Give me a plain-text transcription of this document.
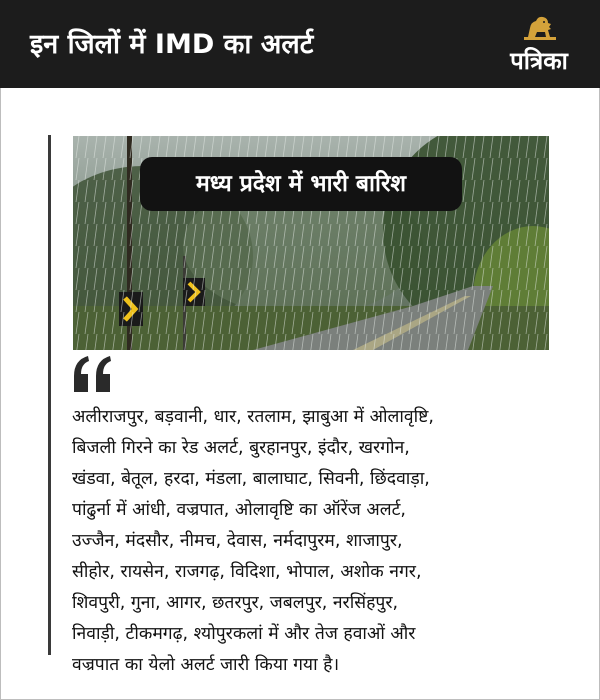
इन जिलों में IMD का अलर्ट
पत्रिका
मध्य प्रदेश में भारी बारिश
अलीराजपुर, बड़वानी, धार, रतलाम, झाबुआ में ओलावृष्टि,
बिजली गिरने का रेड अलर्ट, बुरहानपुर, इंदौर, खरगोन,
खंडवा, बेतूल, हरदा, मंडला, बालाघाट, सिवनी, छिंदवाड़ा,
पांढुर्ना में आंधी, वज्रपात, ओलावृष्टि का ऑरेंज अलर्ट,
उज्जैन, मंदसौर, नीमच, देवास, नर्मदापुरम, शाजापुर,
सीहोर, रायसेन, राजगढ़, विदिशा, भोपाल, अशोक नगर,
शिवपुरी, गुना, आगर, छतरपुर, जबलपुर, नरसिंहपुर,
निवाड़ी, टीकमगढ़, श्योपुरकलां में और तेज हवाओं और
वज्रपात का येलो अलर्ट जारी किया गया है।
